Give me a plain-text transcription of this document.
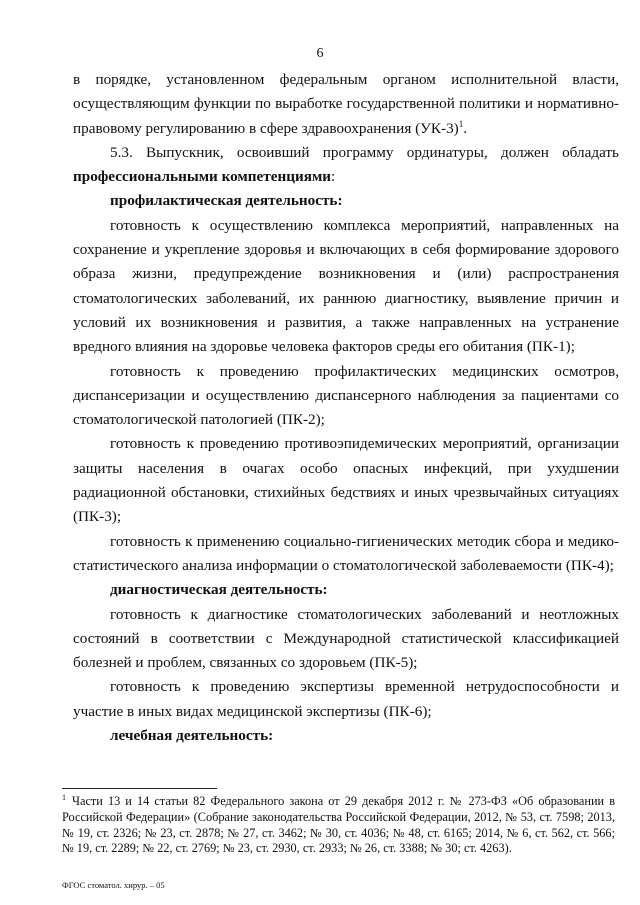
6

в порядке, установленном федеральным органом исполнительной власти, осуществляющим функции по выработке государственной политики и нормативно-правовому регулированию в сфере здравоохранения $(УК-3)^1$.

5.3. Выпускник, освоивший программу ординатуры, должен обладать профессиональными компетенциями:

профилактическая деятельность:

готовность к осуществлению комплекса мероприятий, направленных на сохранение и укрепление здоровья и включающих в себя формирование здорового образа жизни, предупреждение возникновения и (или) распространения стоматологических заболеваний, их раннюю диагностику, выявление причин и условий их возникновения и развития, а также направленных на устранение вредного влияния на здоровье человека факторов среды его обитания (ПК-1);

готовность к проведению профилактических медицинских осмотров, диспансеризации и осуществлению диспансерного наблюдения за пациентами со стоматологической патологией (ПК-2);

готовность к проведению противоэпидемических мероприятий, организации защиты населения в очагах особо опасных инфекций, при ухудшении радиационной обстановки, стихийных бедствиях и иных чрезвычайных ситуациях (ПК-3);

готовность к применению социально-гигиенических методик сбора и медико-статистического анализа информации о стоматологической заболеваемости (ПК-4);

диагностическая деятельность:

готовность к диагностике стоматологических заболеваний и неотложных состояний в соответствии с Международной статистической классификацией болезней и проблем, связанных со здоровьем (ПК-5);

готовность к проведению экспертизы временной нетрудоспособности и участие в иных видах медицинской экспертизы (ПК-6);

лечебная деятельность:

$^1$ Части 13 и 14 статьи 82 Федерального закона от 29 декабря 2012 г. № 273-ФЗ «Об образовании в Российской Федерации» (Собрание законодательства Российской Федерации, 2012, № 53, ст. 7598; 2013, № 19, ст. 2326; № 23, ст. 2878; № 27, ст. 3462; № 30, ст. 4036; № 48, ст. 6165; 2014, № 6, ст. 562, ст. 566; № 19, ст. 2289; № 22, ст. 2769; № 23, ст. 2930, ст. 2933; № 26, ст. 3388; № 30; ст. 4263).
ФГОС стоматол. хирур. – 05
